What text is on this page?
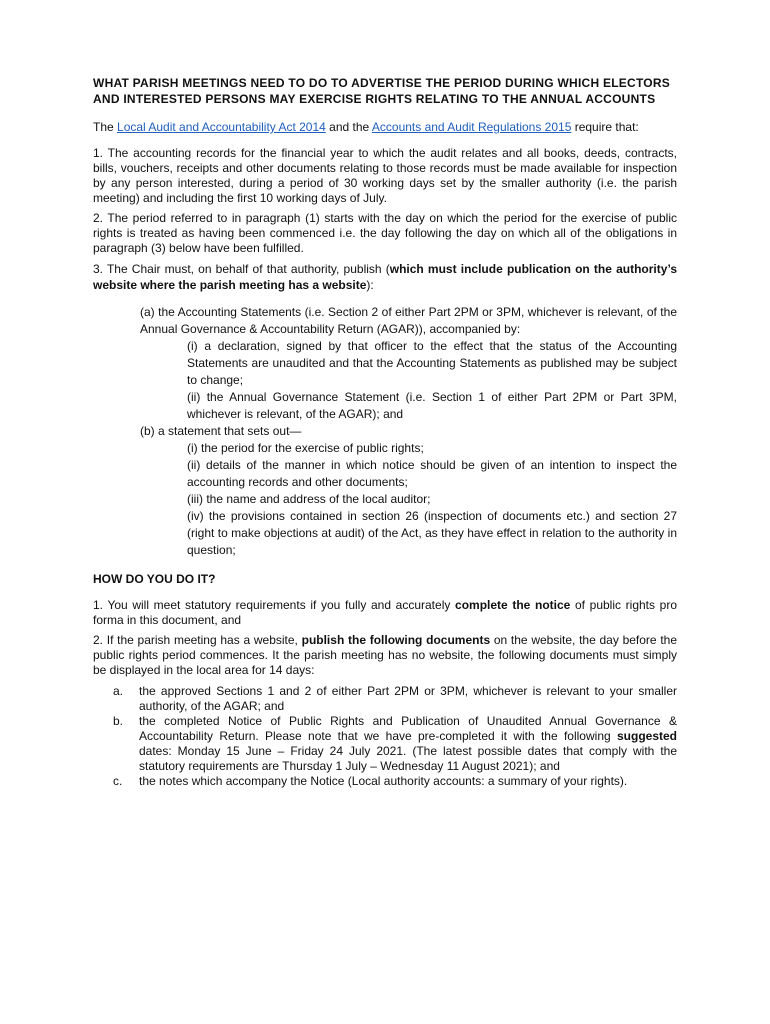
WHAT PARISH MEETINGS NEED TO DO TO ADVERTISE THE PERIOD DURING WHICH ELECTORS AND INTERESTED PERSONS MAY EXERCISE RIGHTS RELATING TO THE ANNUAL ACCOUNTS

The Local Audit and Accountability Act 2014 and the Accounts and Audit Regulations 2015 require that:

1. The accounting records for the financial year to which the audit relates and all books, deeds, contracts, bills, vouchers, receipts and other documents relating to those records must be made available for inspection by any person interested, during a period of 30 working days set by the smaller authority (i.e. the parish meeting) and including the first 10 working days of July.

2. The period referred to in paragraph (1) starts with the day on which the period for the exercise of public rights is treated as having been commenced i.e. the day following the day on which all of the obligations in paragraph (3) below have been fulfilled.

3. The Chair must, on behalf of that authority, publish (which must include publication on the authority’s website where the parish meeting has a website):

(a) the Accounting Statements (i.e. Section 2 of either Part 2PM or 3PM, whichever is relevant, of the Annual Governance & Accountability Return (AGAR)), accompanied by:

(i) a declaration, signed by that officer to the effect that the status of the Accounting Statements are unaudited and that the Accounting Statements as published may be subject to change;

(ii) the Annual Governance Statement (i.e. Section 1 of either Part 2PM or Part 3PM, whichever is relevant, of the AGAR); and

(b) a statement that sets out—

(i) the period for the exercise of public rights;

(ii) details of the manner in which notice should be given of an intention to inspect the accounting records and other documents;

(iii) the name and address of the local auditor;

(iv) the provisions contained in section 26 (inspection of documents etc.) and section 27 (right to make objections at audit) of the Act, as they have effect in relation to the authority in question;

HOW DO YOU DO IT?

1. You will meet statutory requirements if you fully and accurately complete the notice of public rights pro forma in this document, and

2. If the parish meeting has a website, publish the following documents on the website, the day before the public rights period commences. It the parish meeting has no website, the following documents must simply be displayed in the local area for 14 days:

a. the approved Sections 1 and 2 of either Part 2PM or 3PM, whichever is relevant to your smaller authority, of the AGAR; and
b. the completed Notice of Public Rights and Publication of Unaudited Annual Governance & Accountability Return. Please note that we have pre-completed it with the following suggested dates: Monday 15 June – Friday 24 July 2021. (The latest possible dates that comply with the statutory requirements are Thursday 1 July – Wednesday 11 August 2021); and
c. the notes which accompany the Notice (Local authority accounts: a summary of your rights).
